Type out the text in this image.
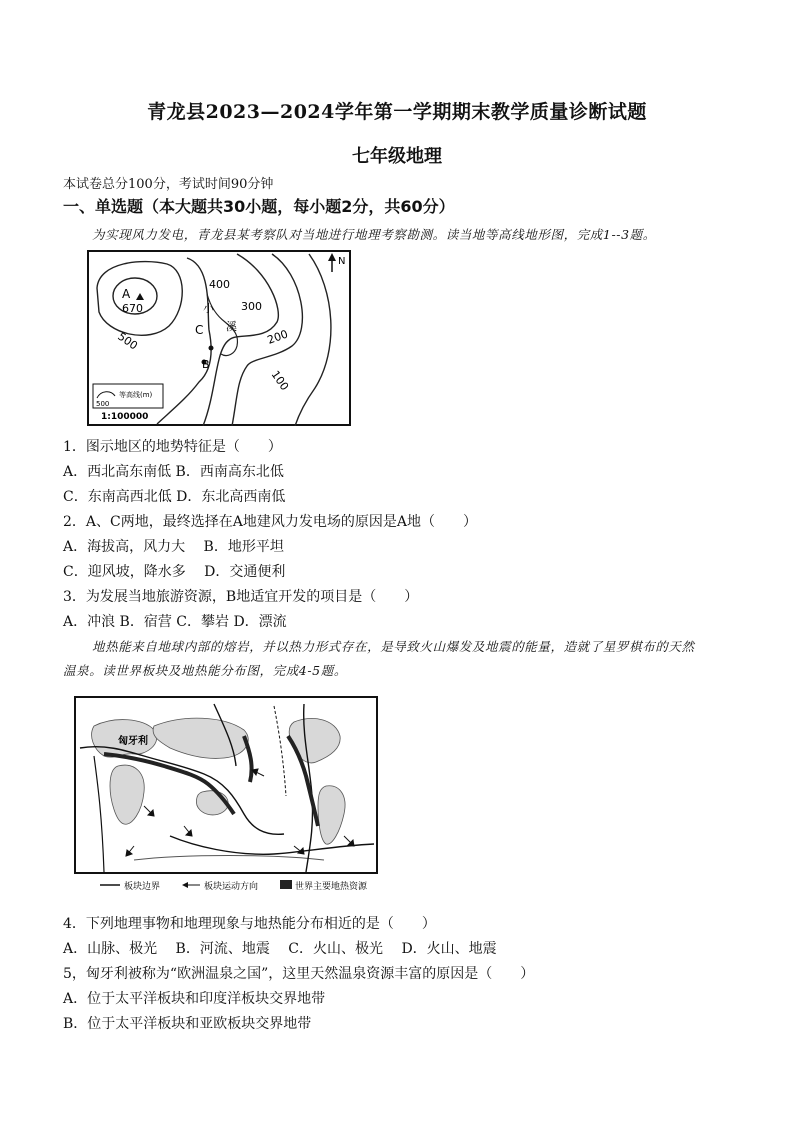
青龙县2023—2024学年第一学期期末教学质量诊断试题
七年级地理
本试卷总分100分，考试时间90分钟
一、单选题（本大题共30小题，每小题2分，共60分）
为实现风力发电，青龙县某考察队对当地进行地理考察勘测。读当地等高线地形图，完成1--3题。
A
670
500
400
300
200
100
C
B
小
溪
N
500
等高线(m)
1:100000
1．图示地区的地势特征是（　　）
A．西北高东南低 B．西南高东北低
C．东南高西北低 D．东北高西南低
2．A、C两地，最终选择在A地建风力发电场的原因是A地（　　）
A．海拔高，风力大　 B．地形平坦
C．迎风坡，降水多　 D．交通便利
3．为发展当地旅游资源，B地适宜开发的项目是（　　）
A．冲浪 B．宿营 C．攀岩 D．漂流
地热能来自地球内部的熔岩，并以热力形式存在，是导致火山爆发及地震的能量，造就了星罗棋布的天然
温泉。读世界板块及地热能分布图，完成4-5题。
匈牙利
板块边界	板块运动方向	世界主要地热资源
4．下列地理事物和地理现象与地热能分布相近的是（　　）
A．山脉、极光　 B．河流、地震　 C．火山、极光　 D．火山、地震
5，匈牙利被称为“欧洲温泉之国”，这里天然温泉资源丰富的原因是（　　）
A．位于太平洋板块和印度洋板块交界地带
B．位于太平洋板块和亚欧板块交界地带
